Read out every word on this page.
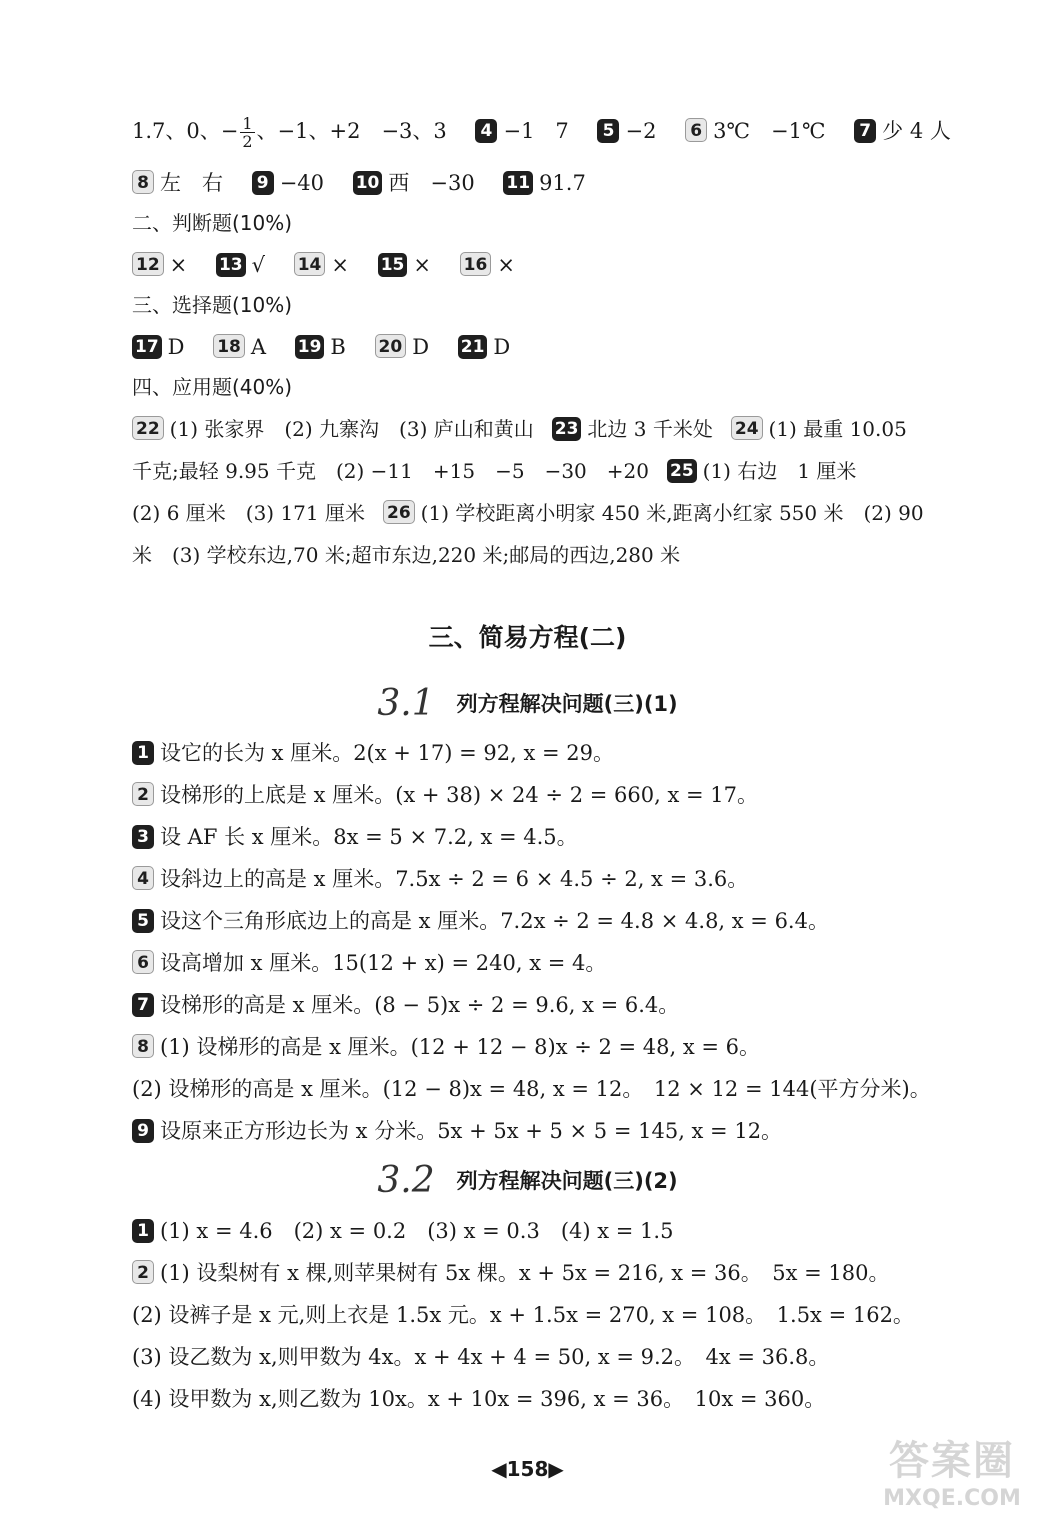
1.7、0、− $\frac{1}{2}$ 、−1、+2　−3、3 4 −1　7 5 −2 6 3℃　−1℃ 7 少 4 人
8 左　右 9 −40 10 西　−30 11 91.7
二、判断题(10%)
12 × 13 √ 14 × 15 × 16 ×
三、选择题(10%)
17 D 18 A 19 B 20 D 21 D
四、应用题(40%)
22 (1) 张家界　(2) 九寨沟　(3) 庐山和黄山 23 北边 3 千米处 24 (1) 最重 10.05
千克;最轻 9.95 千克　(2) −11　+15　−5　−30　+20 25 (1) 右边　1 厘米
(2) 6 厘米　(3) 171 厘米 26 (1) 学校距离小明家 450 米,距离小红家 550 米　(2) 90
米　(3) 学校东边,70 米;超市东边,220 米;邮局的西边,280 米
三、简易方程(二)
3.1 列方程解决问题(三)(1)
1 设它的长为 x 厘米。2(x + 17) = 92, x = 29。
2 设梯形的上底是 x 厘米。(x + 38) × 24 ÷ 2 = 660, x = 17。
3 设 AF 长 x 厘米。8x = 5 × 7.2, x = 4.5。
4 设斜边上的高是 x 厘米。7.5x ÷ 2 = 6 × 4.5 ÷ 2, x = 3.6。
5 设这个三角形底边上的高是 x 厘米。7.2x ÷ 2 = 4.8 × 4.8, x = 6.4。
6 设高增加 x 厘米。15(12 + x) = 240, x = 4。
7 设梯形的高是 x 厘米。(8 − 5)x ÷ 2 = 9.6, x = 6.4。
8 (1) 设梯形的高是 x 厘米。(12 + 12 − 8)x ÷ 2 = 48, x = 6。
(2) 设梯形的高是 x 厘米。(12 − 8)x = 48, x = 12。　12 × 12 = 144(平方分米)。
9 设原来正方形边长为 x 分米。5x + 5x + 5 × 5 = 145, x = 12。
3.2 列方程解决问题(三)(2)
1 (1) x = 4.6　(2) x = 0.2　(3) x = 0.3　(4) x = 1.5
2 (1) 设梨树有 x 棵,则苹果树有 5x 棵。x + 5x = 216, x = 36。　5x = 180。
(2) 设裤子是 x 元,则上衣是 1.5x 元。x + 1.5x = 270, x = 108。　1.5x = 162。
(3) 设乙数为 x,则甲数为 4x。x + 4x + 4 = 50, x = 9.2。　4x = 36.8。
(4) 设甲数为 x,则乙数为 10x。x + 10x = 396, x = 36。　10x = 360。
◀158▶	答案圈
MXQE.COM
